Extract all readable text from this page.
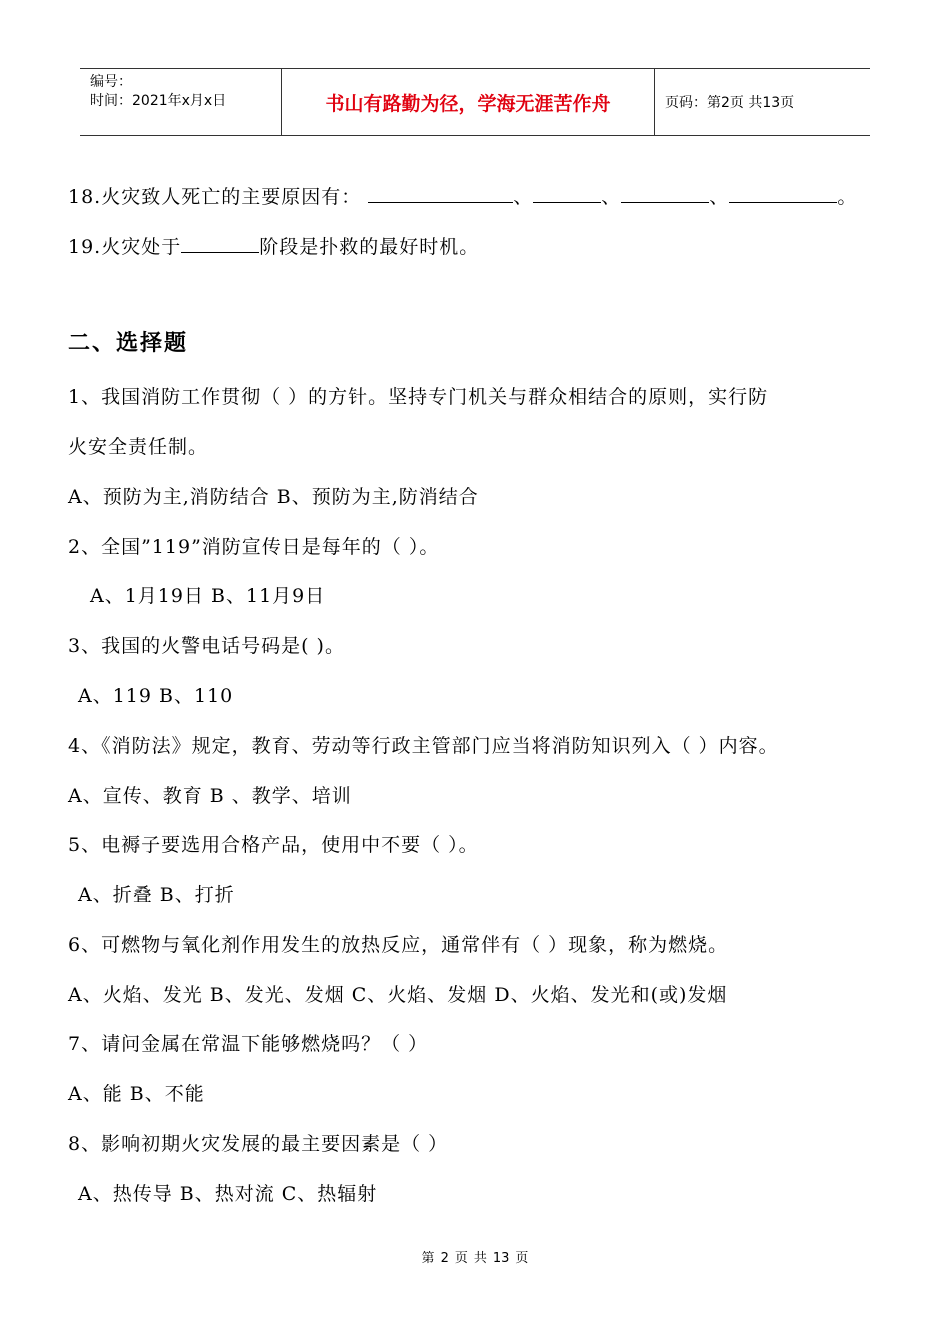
编号：
时间：2021年x月x日	书山有路勤为径，学海无涯苦作舟	页码：第2页 共13页
18.火灾致人死亡的主要原因有：	、	、	、	。
19.火灾处于	阶段是扑救的最好时机。
二、选择题
1、我国消防工作贯彻（ ）的方针。坚持专门机关与群众相结合的原则，实行防
火安全责任制。
A、预防为主,消防结合 B、预防为主,防消结合
2、全国”119”消防宣传日是每年的（ ）。
A、1月19日 B、11月9日
3、我国的火警电话号码是( )。
A、119 B、110
4、《消防法》规定，教育、劳动等行政主管部门应当将消防知识列入（ ）内容。
A、宣传、教育 B 、教学、培训
5、电褥子要选用合格产品，使用中不要（ ）。
A、折叠 B、打折
6、可燃物与氧化剂作用发生的放热反应，通常伴有（ ）现象，称为燃烧。
A、火焰、发光 B、发光、发烟 C、火焰、发烟 D、火焰、发光和(或)发烟
7、请问金属在常温下能够燃烧吗？（ ）
A、能 B、不能
8、影响初期火灾发展的最主要因素是（ ）
A、热传导 B、热对流 C、热辐射
第 2 页 共 13 页
